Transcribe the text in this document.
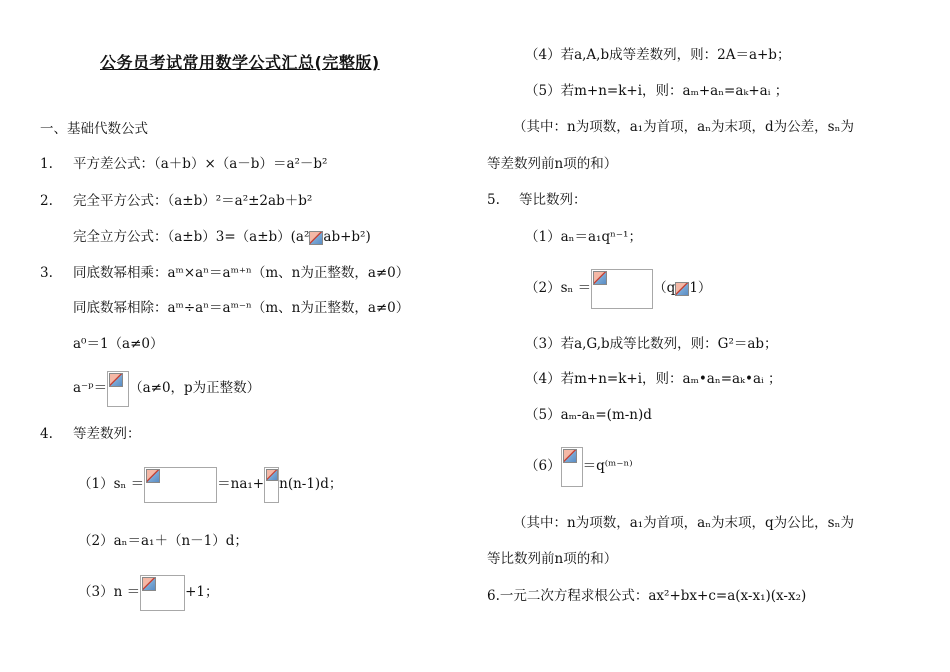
公务员考试常用数学公式汇总(完整版)
一、基础代数公式
1. 平方差公式：（a＋b）×（a－b）＝a²－b²
2. 完全平方公式：（a±b）²＝a²±2ab＋b²
完全立方公式：（a±b）3=（a±b）(a² ab+b²)
3. 同底数幂相乘：aᵐ×aⁿ＝aᵐ⁺ⁿ（m、n为正整数，a≠0）
同底数幂相除：aᵐ÷aⁿ＝aᵐ⁻ⁿ（m、n为正整数，a≠0）
a⁰＝1（a≠0）
a⁻ᵖ＝ （a≠0，p为正整数）
4. 等差数列：
（1）sₙ ＝	＝na₁+ n(n-1)d；
（2）aₙ＝a₁＋（n－1）d；
（3）n ＝	+1；
（4）若a,A,b成等差数列，则：2A＝a+b；
（5）若m+n=k+i，则：aₘ+aₙ=aₖ+aᵢ ；
（其中：n为项数，a₁为首项，aₙ为末项，d为公差，sₙ为
等差数列前n项的和）
5. 等比数列：
（1）aₙ＝a₁qⁿ⁻¹；
（2）sₙ ＝	（q 1）
（3）若a,G,b成等比数列，则：G²＝ab；
（4）若m+n=k+i，则：aₘ•aₙ=aₖ•aᵢ ；
（5）aₘ-aₙ=(m-n)d
（6） ＝q⁽ᵐ⁻ⁿ⁾
（其中：n为项数，a₁为首项，aₙ为末项，q为公比，sₙ为
等比数列前n项的和）
6.一元二次方程求根公式：ax²+bx+c=a(x-x₁)(x-x₂)
